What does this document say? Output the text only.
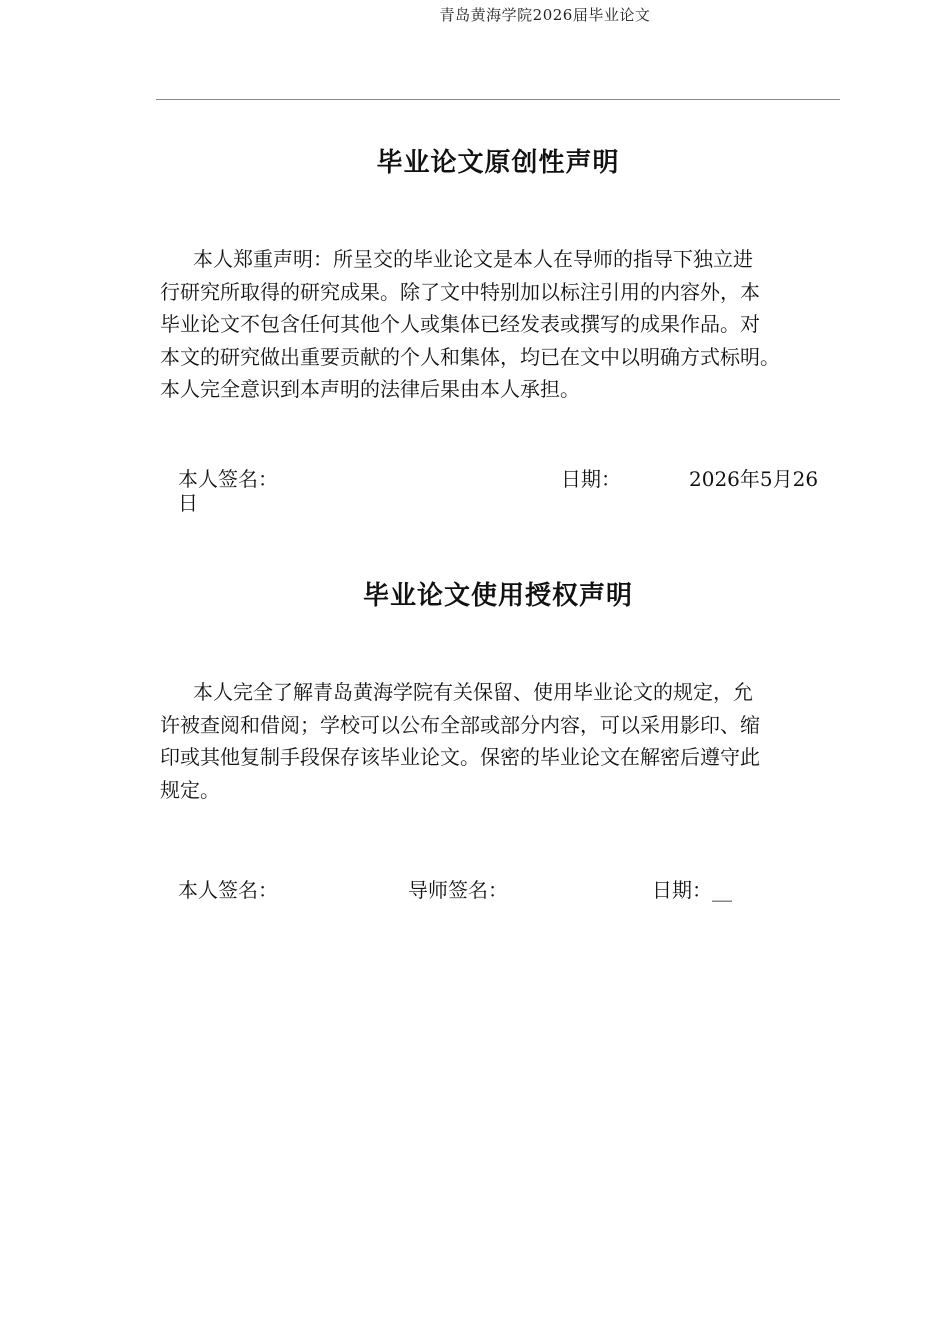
青岛黄海学院2026届毕业论文
毕业论文原创性声明

本人郑重声明：所呈交的毕业论文是本人在导师的指导下独立进
行研究所取得的研究成果。除了文中特别加以标注引用的内容外，本
毕业论文不包含任何其他个人或集体已经发表或撰写的成果作品。对
本文的研究做出重要贡献的个人和集体，均已在文中以明确方式标明。
本人完全意识到本声明的法律后果由本人承担。

本人签名：	日期：	2026年5月26
日
毕业论文使用授权声明

本人完全了解青岛黄海学院有关保留、使用毕业论文的规定，允
许被查阅和借阅；学校可以公布全部或部分内容，可以采用影印、缩
印或其他复制手段保存该毕业论文。保密的毕业论文在解密后遵守此
规定。

本人签名：	导师签名：	日期：__
